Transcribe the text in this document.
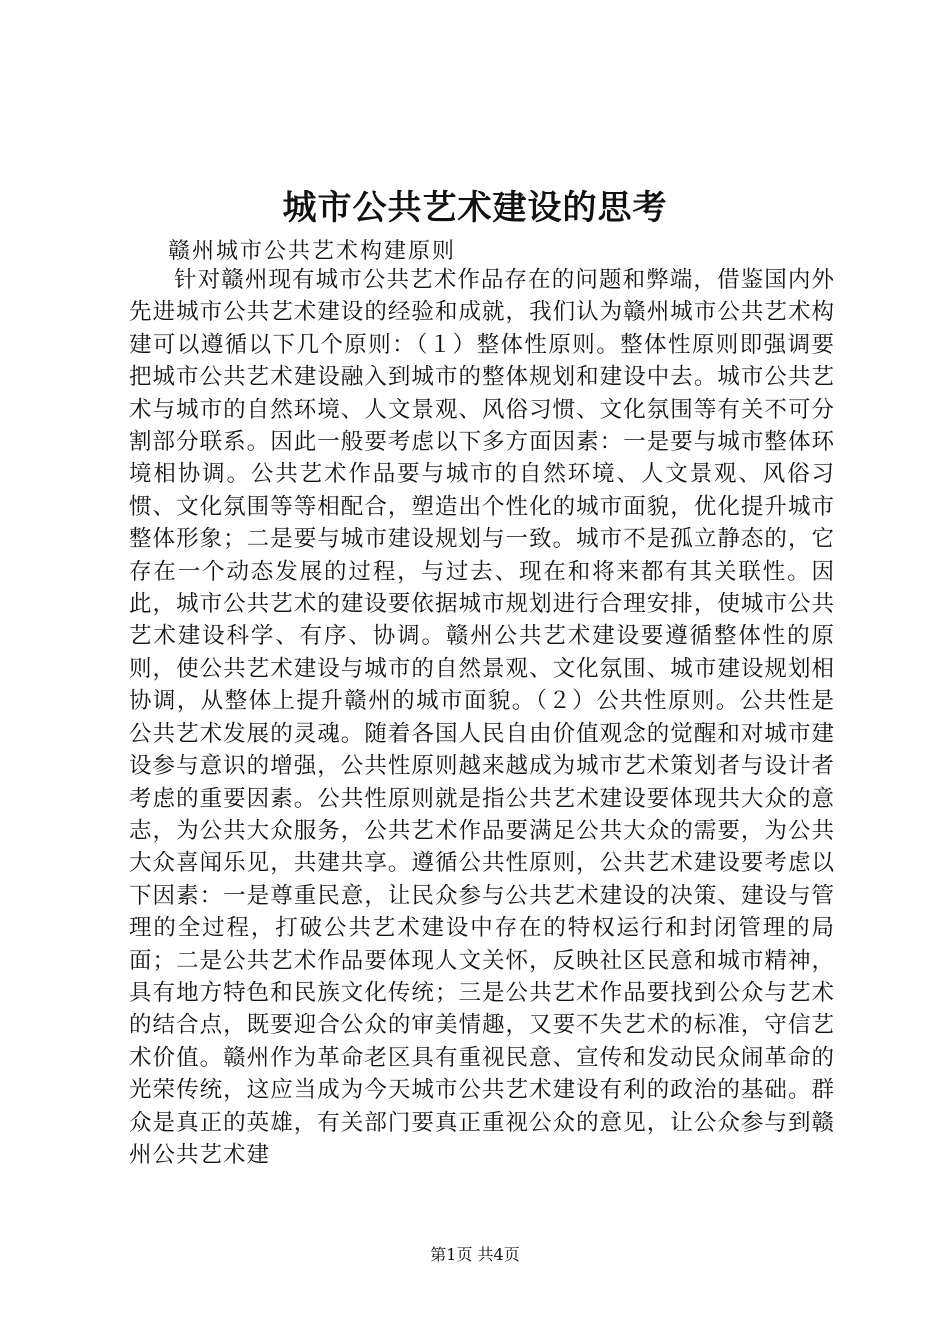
城市公共艺术建设的思考

赣州城市公共艺术构建原则

针对赣州现有城市公共艺术作品存在的问题和弊端，借鉴国内外先进城市公共艺术建设的经验和成就，我们认为赣州城市公共艺术构建可以遵循以下几个原则：（１）整体性原则。整体性原则即强调要把城市公共艺术建设融入到城市的整体规划和建设中去。城市公共艺术与城市的自然环境、人文景观、风俗习惯、文化氛围等有关不可分割部分联系。因此一般要考虑以下多方面因素：一是要与城市整体环境相协调。公共艺术作品要与城市的自然环境、人文景观、风俗习惯、文化氛围等等相配合，塑造出个性化的城市面貌，优化提升城市整体形象；二是要与城市建设规划与一致。城市不是孤立静态的，它存在一个动态发展的过程，与过去、现在和将来都有其关联性。因此，城市公共艺术的建设要依据城市规划进行合理安排，使城市公共艺术建设科学、有序、协调。赣州公共艺术建设要遵循整体性的原则，使公共艺术建设与城市的自然景观、文化氛围、城市建设规划相协调，从整体上提升赣州的城市面貌。（２）公共性原则。公共性是公共艺术发展的灵魂。随着各国人民自由价值观念的觉醒和对城市建设参与意识的增强，公共性原则越来越成为城市艺术策划者与设计者考虑的重要因素。公共性原则就是指公共艺术建设要体现共大众的意志，为公共大众服务，公共艺术作品要满足公共大众的需要，为公共大众喜闻乐见，共建共享。遵循公共性原则，公共艺术建设要考虑以下因素：一是尊重民意，让民众参与公共艺术建设的决策、建设与管理的全过程，打破公共艺术建设中存在的特权运行和封闭管理的局面；二是公共艺术作品要体现人文关怀，反映社区民意和城市精神，具有地方特色和民族文化传统；三是公共艺术作品要找到公众与艺术的结合点，既要迎合公众的审美情趣，又要不失艺术的标准，守信艺术价值。赣州作为革命老区具有重视民意、宣传和发动民众闹革命的光荣传统，这应当成为今天城市公共艺术建设有利的政治的基础。群众是真正的英雄，有关部门要真正重视公众的意见，让公众参与到赣州公共艺术建

第1页 共4页
